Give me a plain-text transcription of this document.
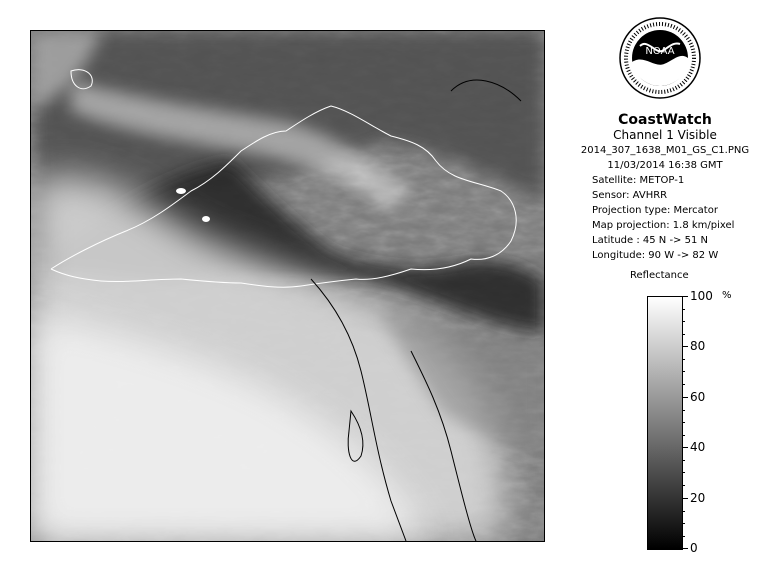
NOAA
CoastWatch
Channel 1 Visible
2014_307_1638_M01_GS_C1.PNG
11/03/2014 16:38 GMT
Satellite: METOP-1
Sensor: AVHRR
Projection type: Mercator
Map projection: 1.8 km/pixel
Latitude : 45 N -> 51 N
Longitude: 90 W -> 82 W
Reflectance
%
100
80
60
40
20
0
